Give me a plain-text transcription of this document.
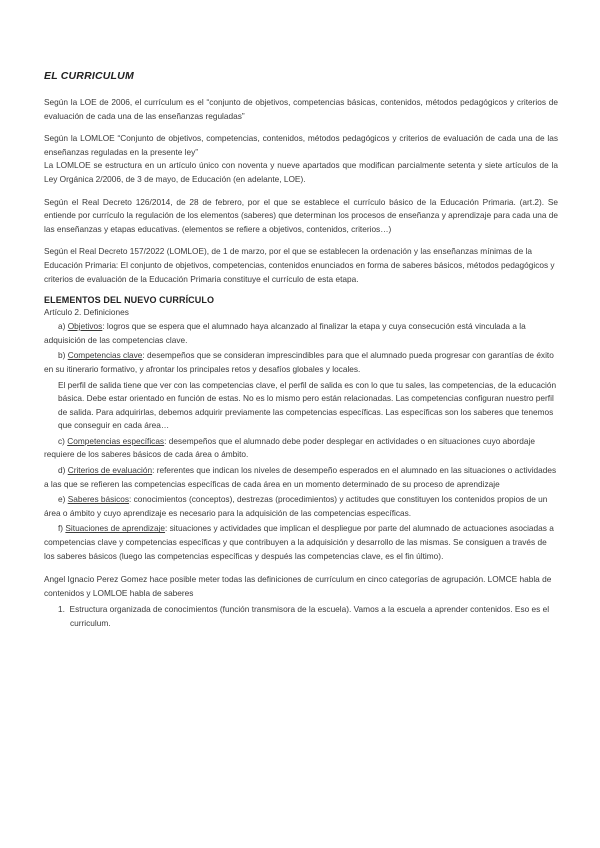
EL CURRICULUM

Según la LOE de 2006, el currículum es el “conjunto de objetivos, competencias básicas, contenidos, métodos pedagógicos y criterios de evaluación de cada una de las enseñanzas reguladas”

Según la LOMLOE “Conjunto de objetivos, competencias, contenidos, métodos pedagógicos y criterios de evaluación de cada una de las enseñanzas reguladas en la presente ley”

La LOMLOE se estructura en un artículo único con noventa y nueve apartados que modifican parcialmente setenta y siete artículos de la Ley Orgánica 2/2006, de 3 de mayo, de Educación (en adelante, LOE).

Según el Real Decreto 126/2014, de 28 de febrero, por el que se establece el currículo básico de la Educación Primaria. (art.2). Se entiende por currículo la regulación de los elementos (saberes) que determinan los procesos de enseñanza y aprendizaje para cada una de las enseñanzas y etapas educativas. (elementos se refiere a objetivos, contenidos, criterios…)

Según el Real Decreto 157/2022 (LOMLOE), de 1 de marzo, por el que se establecen la ordenación y las enseñanzas mínimas de la Educación Primaria: El conjunto de objetivos, competencias, contenidos enunciados en forma de saberes básicos, métodos pedagógicos y criterios de evaluación de la Educación Primaria constituye el currículo de esta etapa.

ELEMENTOS DEL NUEVO CURRÍCULO

Artículo 2. Definiciones

a) Objetivos: logros que se espera que el alumnado haya alcanzado al finalizar la etapa y cuya consecución está vinculada a la adquisición de las competencias clave.

b) Competencias clave: desempeños que se consideran imprescindibles para que el alumnado pueda progresar con garantías de éxito en su itinerario formativo, y afrontar los principales retos y desafíos globales y locales.

El perfil de salida tiene que ver con las competencias clave, el perfil de salida es con lo que tu sales, las competencias, de la educación básica. Debe estar orientado en función de estas. No es lo mismo pero están relacionadas. Las competencias configuran nuestro perfil de salida. Para adquirirlas, debemos adquirir previamente las competencias específicas. Las específicas son los saberes que tenemos que conseguir en cada área…

c) Competencias específicas: desempeños que el alumnado debe poder desplegar en actividades o en situaciones cuyo abordaje requiere de los saberes básicos de cada área o ámbito.

d) Criterios de evaluación: referentes que indican los niveles de desempeño esperados en el alumnado en las situaciones o actividades a las que se refieren las competencias específicas de cada área en un momento determinado de su proceso de aprendizaje

e) Saberes básicos: conocimientos (conceptos), destrezas (procedimientos) y actitudes que constituyen los contenidos propios de un área o ámbito y cuyo aprendizaje es necesario para la adquisición de las competencias específicas.

f) Situaciones de aprendizaje: situaciones y actividades que implican el despliegue por parte del alumnado de actuaciones asociadas a competencias clave y competencias específicas y que contribuyen a la adquisición y desarrollo de las mismas. Se consiguen a través de los saberes básicos (luego las competencias específicas y después las competencias clave, es el fin último).

Angel Ignacio Perez Gomez hace posible meter todas las definiciones de currículum en cinco categorías de agrupación. LOMCE habla de contenidos y LOMLOE habla de saberes

1. Estructura organizada de conocimientos (función transmisora de la escuela). Vamos a la escuela a aprender contenidos. Eso es el curriculum.
